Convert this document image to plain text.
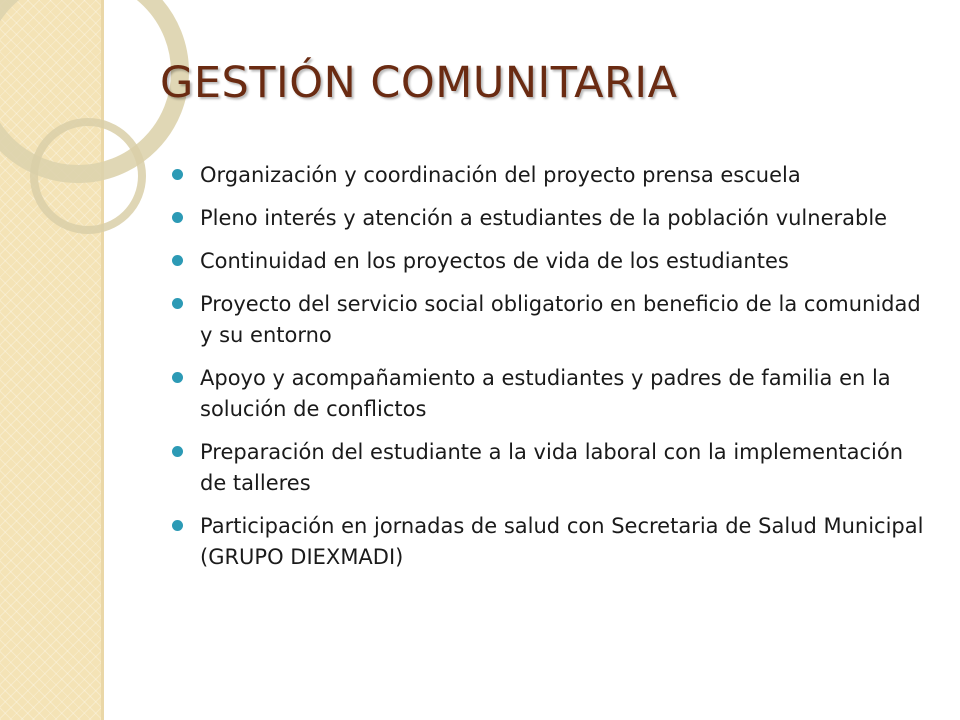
GESTIÓN COMUNITARIA
Organización y coordinación del proyecto prensa escuela
Pleno interés y atención a estudiantes de la población vulnerable
Continuidad en los proyectos de vida de los estudiantes
Proyecto del servicio social obligatorio en beneficio de la comunidad y su entorno
Apoyo y acompañamiento a estudiantes y padres de familia en la solución de conflictos
Preparación del estudiante a la vida laboral con la implementación de talleres
Participación en jornadas de salud con Secretaria de Salud Municipal (GRUPO DIEXMADI)
